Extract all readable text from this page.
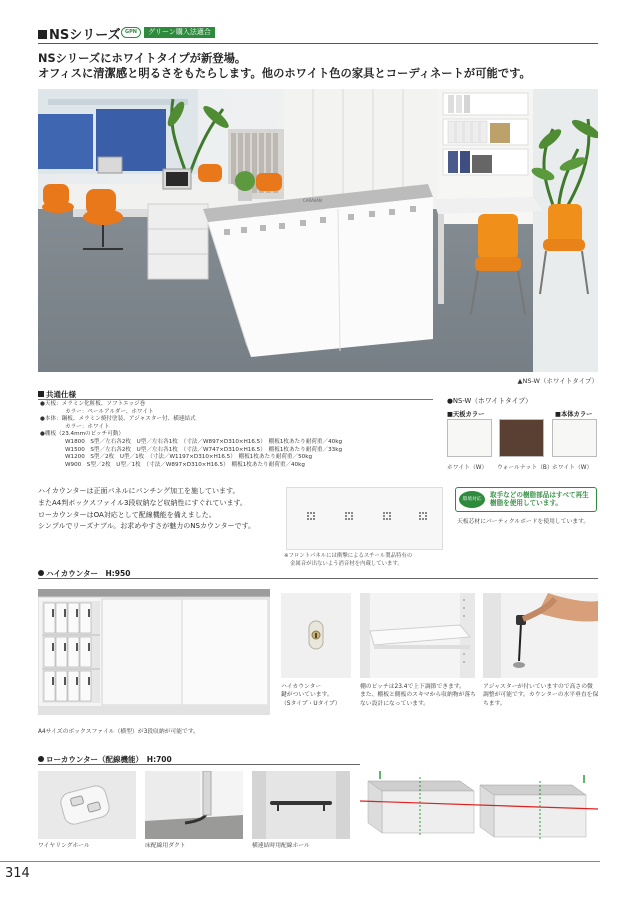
NSシリーズ GPN	グリーン購入法適合
NSシリーズにホワイトタイプが新登場。
オフィスに清潔感と明るさをもたらします。他のホワイト色の家具とコーディネートが可能です。
CARAVAN
▲NS-W（ホワイトタイプ）
共通仕様
●天板：メラミン化粧板、ソフトエッジ巻
カラー：ペールアルダー、ホワイト
●本体：鋼板、メラミン焼付塗装、アジャスター付、横連結式
カラー：ホワイト
●棚板（23.4mmのピッチ可動）
W1800　S型／左右各2枚　U型／左右各1枚　（寸法／W897×D310×H16.5）　棚板1枚あたり耐荷重／40kg
W1500　S型／左右各2枚　U型／左右各1枚　（寸法／W747×D310×H16.5）　棚板1枚あたり耐荷重／33kg
W1200　S型／2枚　U型／1枚　（寸法／W1197×D310×H16.5）　棚板1枚あたり耐荷重／50kg
W900　S型／2枚　U型／1枚　（寸法／W897×D310×H16.5）　棚板1枚あたり耐荷重／40kg
●NS-W（ホワイトタイプ）
■天板カラー	■本体カラー
ホワイト（W） ウォールナット（B） ホワイト（W）
ハイカウンターは正面パネルにパンチング加工を施しています。
またA4判ボックスファイル3段収納など収納性にすぐれています。
ローカウンターはOA対応として配線機能を備えました。
シンプルでリーズナブル。お求めやすさが魅力のNSカウンターです。
※フロントパネルには衝撃によるスチール製品特有の
金属音が出ないよう消音材を内蔵しています。
環境対応
取手などの樹脂部品はすべて再生樹脂を使用しています。
天板芯材にパーティクルボードを使用しています。
ハイカウンター　H:950
A4サイズのボックスファイル（横型）が3段収納が可能です。
ハイカウンター
鍵がついています。
（Sタイプ・Uタイプ）
棚のピッチは23.4で上下調節できます。
また、棚板と側板のスキマから収納物が落ち
ない設計になっています。
アジャスターが付いていますので高さの微
調整が可能です。カウンターの水平垂直を保
ちます。
ローカウンター（配線機能）　H:700
ワイヤリングホール	床配線用ダクト	横連結時用配線ホール
314
